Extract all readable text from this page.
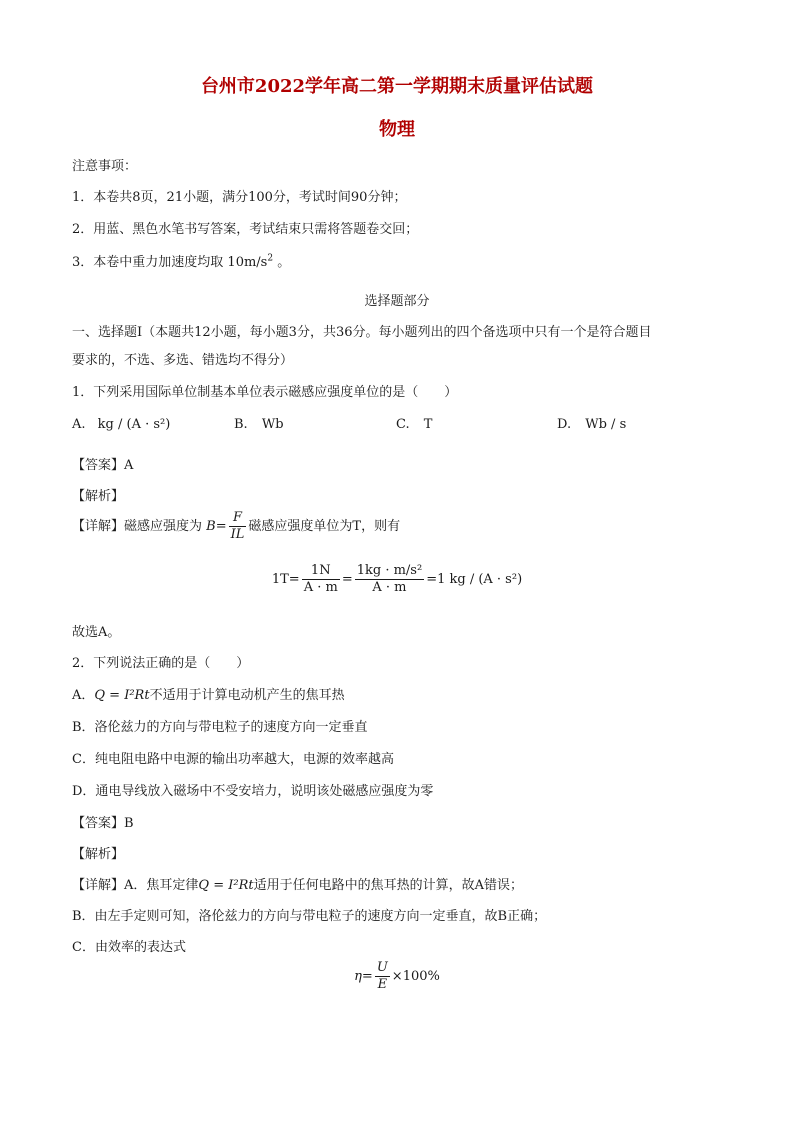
台州市2022学年高二第一学期期末质量评估试题
物理
注意事项：
1．本卷共8页，21小题，满分100分，考试时间90分钟；
2．用蓝、黑色水笔书写答案，考试结束只需将答题卷交回；
3．本卷中重力加速度均取 $10m/s^2$ 。
选择题部分
一、选择题Ⅰ（本题共12小题，每小题3分，共36分。每小题列出的四个备选项中只有一个是符合题目
要求的，不选、多选、错选均不得分）
1．下列采用国际单位制基本单位表示磁感应强度单位的是（　　）
A. kg / (A · s²)	B. Wb	C. T	D. Wb / s
【答案】A
【解析】
【详解】磁感应强度为 $B= \frac{F}{IL}$ 磁感应强度单位为T，则有
$1T= \frac{1N}{A \cdot m} = \frac{\text{1kg · m/s²}}{A \cdot m} =1$ kg / (A · s²)
故选A。
2．下列说法正确的是（　　）
A．Q = I²Rt不适用于计算电动机产生的焦耳热
B．洛伦兹力的方向与带电粒子的速度方向一定垂直
C．纯电阻电路中电源的输出功率越大，电源的效率越高
D．通电导线放入磁场中不受安培力，说明该处磁感应强度为零
【答案】B
【解析】
【详解】A．焦耳定律Q = I²Rt适用于任何电路中的焦耳热的计算，故A错误；
B．由左手定则可知，洛伦兹力的方向与带电粒子的速度方向一定垂直，故B正确；
C．由效率的表达式
$\eta= \frac{U}{E} \times 100\%$
